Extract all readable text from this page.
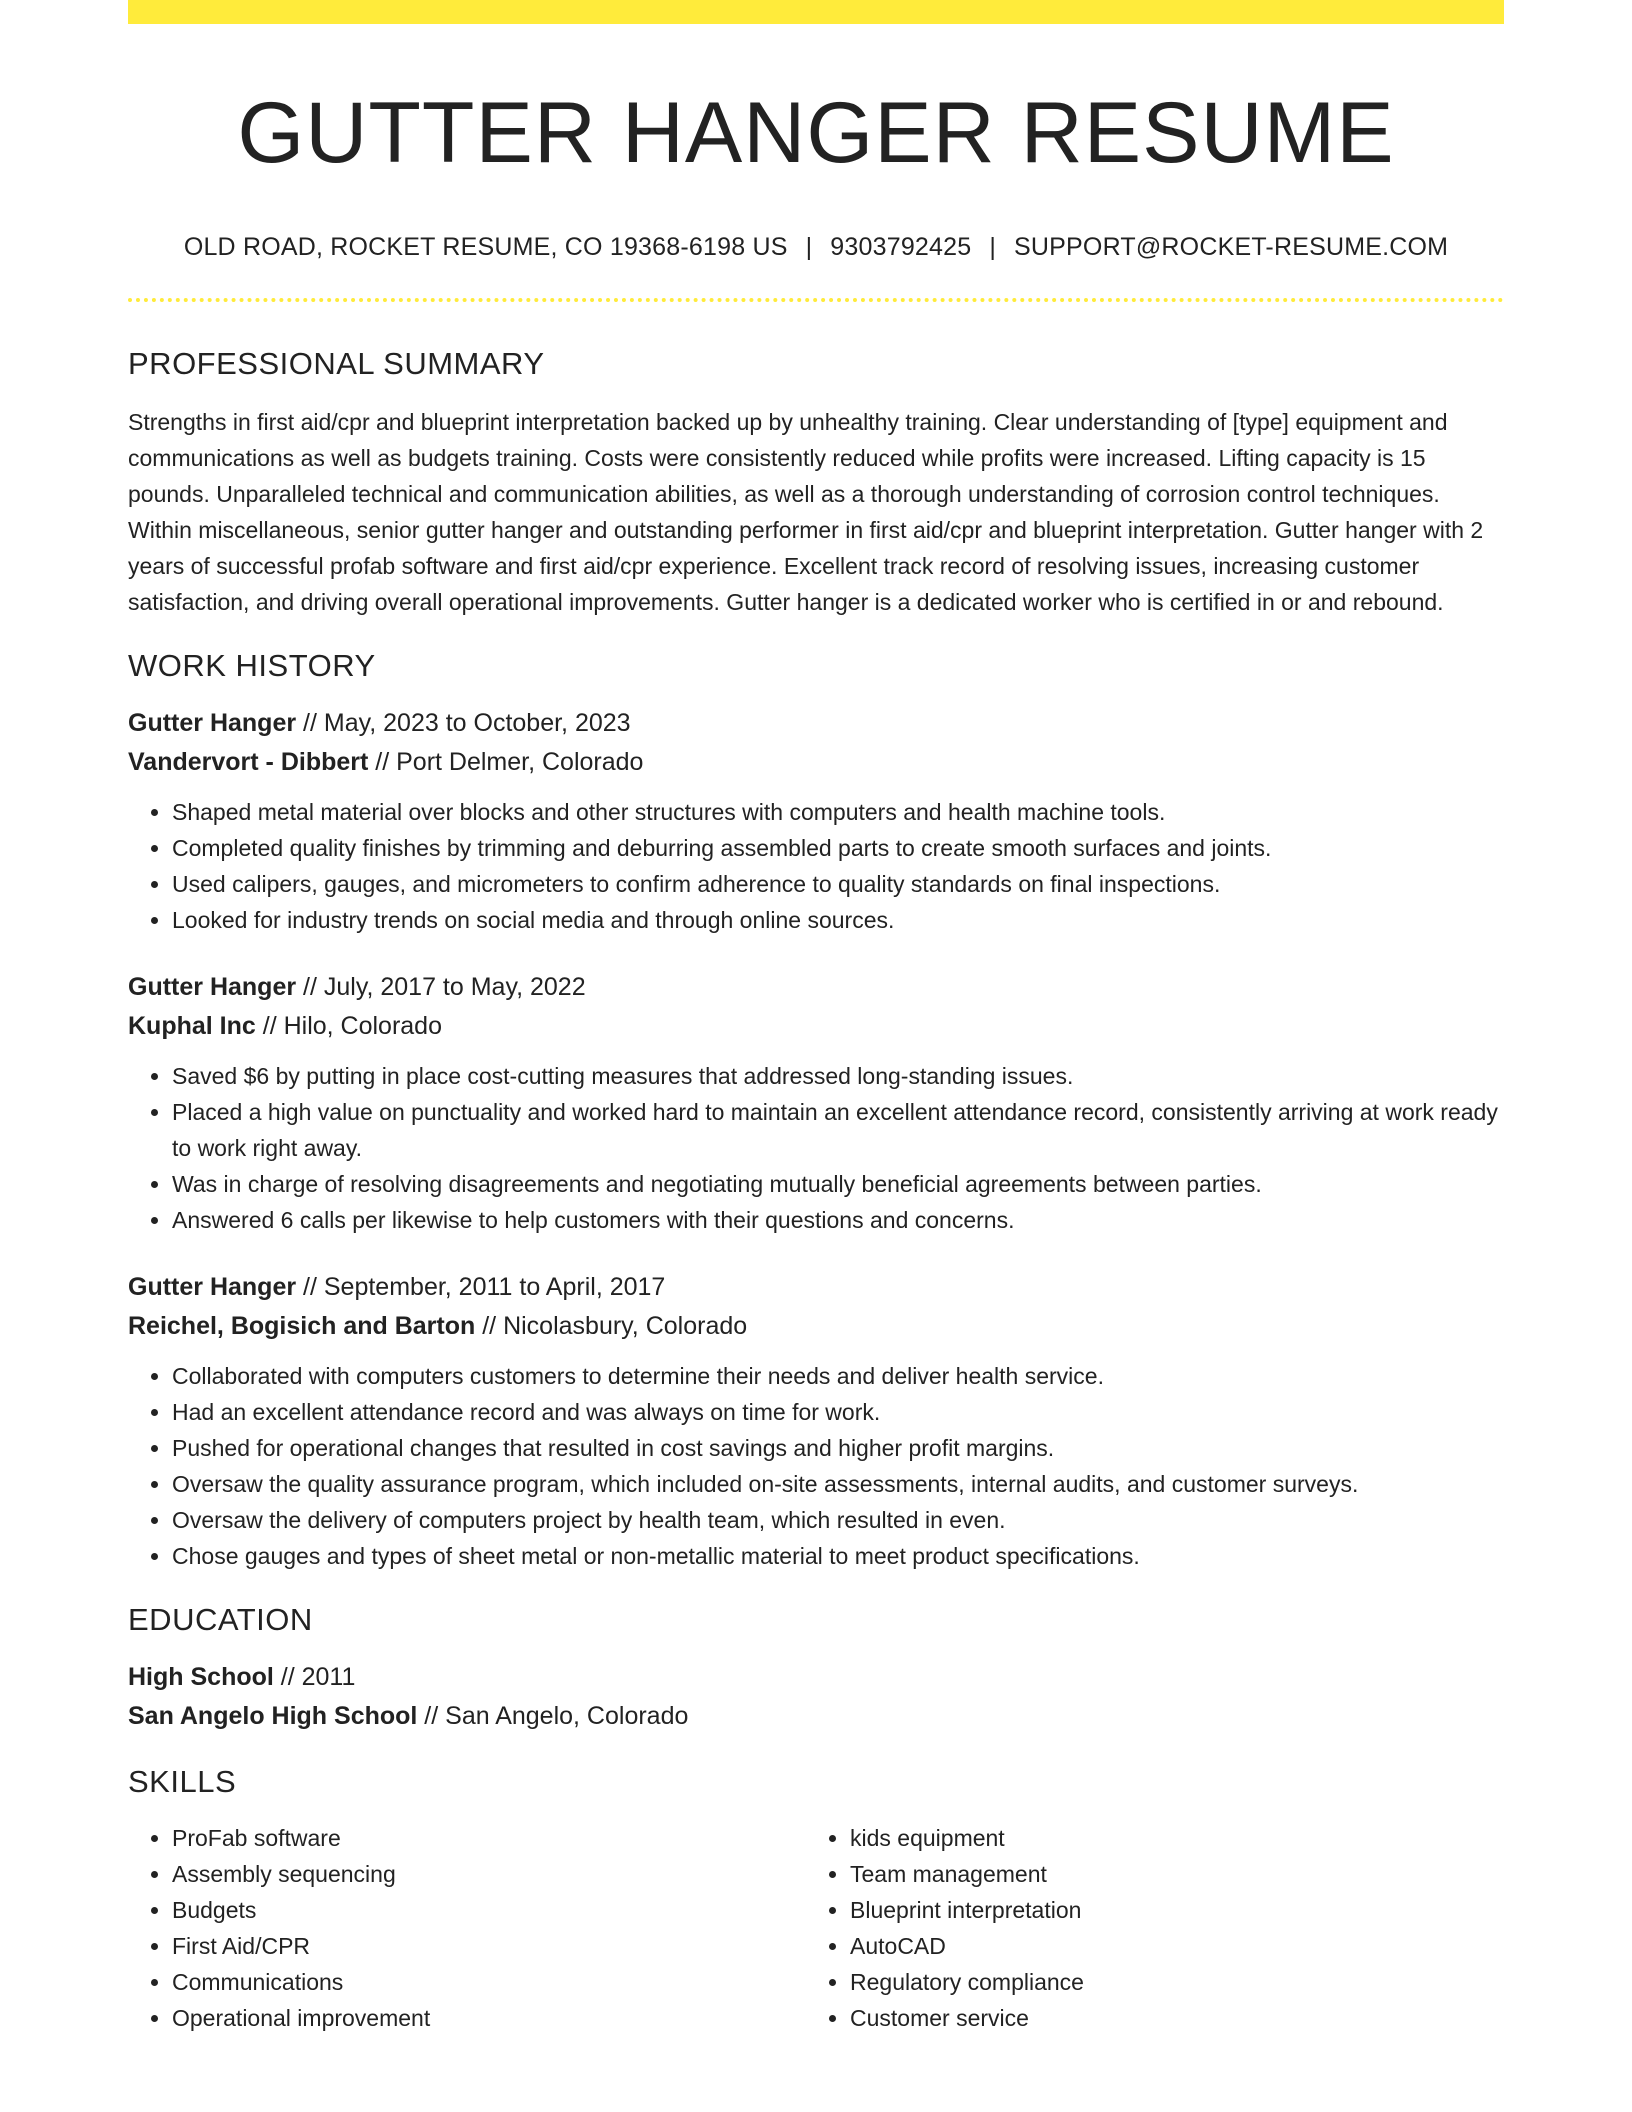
GUTTER HANGER RESUME
OLD ROAD, ROCKET RESUME, CO 19368-6198 US | 9303792425 | SUPPORT@ROCKET-RESUME.COM
PROFESSIONAL SUMMARY
Strengths in first aid/cpr and blueprint interpretation backed up by unhealthy training. Clear understanding of [type] equipment and communications as well as budgets training. Costs were consistently reduced while profits were increased. Lifting capacity is 15 pounds. Unparalleled technical and communication abilities, as well as a thorough understanding of corrosion control techniques. Within miscellaneous, senior gutter hanger and outstanding performer in first aid/cpr and blueprint interpretation. Gutter hanger with 2 years of successful profab software and first aid/cpr experience. Excellent track record of resolving issues, increasing customer satisfaction, and driving overall operational improvements. Gutter hanger is a dedicated worker who is certified in or and rebound.
WORK HISTORY
Gutter Hanger // May, 2023 to October, 2023
Vandervort - Dibbert // Port Delmer, Colorado
• Shaped metal material over blocks and other structures with computers and health machine tools.
• Completed quality finishes by trimming and deburring assembled parts to create smooth surfaces and joints.
• Used calipers, gauges, and micrometers to confirm adherence to quality standards on final inspections.
• Looked for industry trends on social media and through online sources.
Gutter Hanger // July, 2017 to May, 2022
Kuphal Inc // Hilo, Colorado
• Saved $6 by putting in place cost-cutting measures that addressed long-standing issues.
• Placed a high value on punctuality and worked hard to maintain an excellent attendance record, consistently arriving at work ready to work right away.
• Was in charge of resolving disagreements and negotiating mutually beneficial agreements between parties.
• Answered 6 calls per likewise to help customers with their questions and concerns.
Gutter Hanger // September, 2011 to April, 2017
Reichel, Bogisich and Barton // Nicolasbury, Colorado
• Collaborated with computers customers to determine their needs and deliver health service.
• Had an excellent attendance record and was always on time for work.
• Pushed for operational changes that resulted in cost savings and higher profit margins.
• Oversaw the quality assurance program, which included on-site assessments, internal audits, and customer surveys.
• Oversaw the delivery of computers project by health team, which resulted in even.
• Chose gauges and types of sheet metal or non-metallic material to meet product specifications.
EDUCATION
High School // 2011
San Angelo High School // San Angelo, Colorado
SKILLS
• ProFab software
• Assembly sequencing
• Budgets
• First Aid/CPR
• Communications
• Operational improvement
• kids equipment
• Team management
• Blueprint interpretation
• AutoCAD
• Regulatory compliance
• Customer service
